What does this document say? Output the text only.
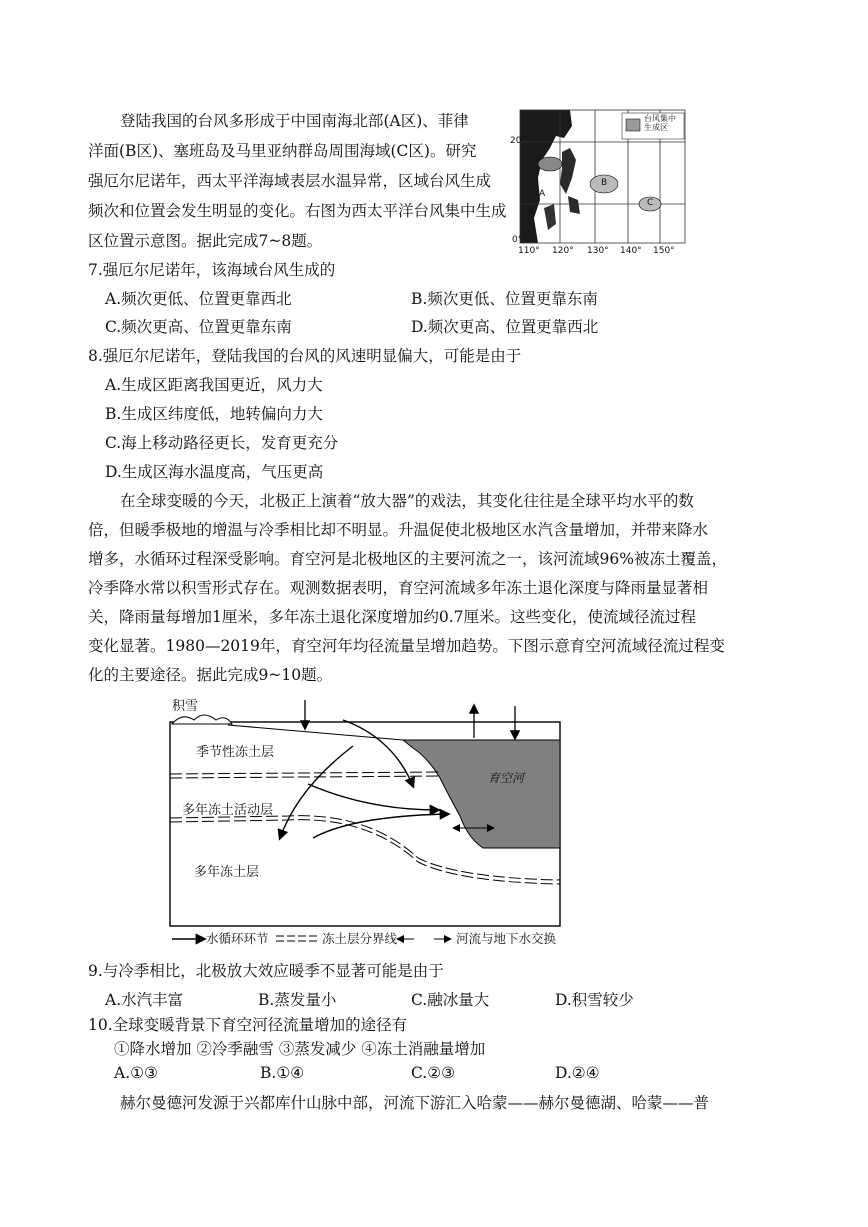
登陆我国的台风多形成于中国南海北部(A区)、菲律
洋面(B区)、塞班岛及马里亚纳群岛周围海域(C区)。研究
强厄尔尼诺年，西太平洋海域表层水温异常，区域台风生成
频次和位置会发生明显的变化。右图为西太平洋台风集中生成
区位置示意图。据此完成7~8题。
台风集中生成区
A
B
C
20°
0°
110° 120° 130° 140° 150°
7.强厄尔尼诺年，该海域台风生成的
A.频次更低、位置更靠西北	B.频次更低、位置更靠东南
C.频次更高、位置更靠东南	D.频次更高、位置更靠西北
8.强厄尔尼诺年，登陆我国的台风的风速明显偏大，可能是由于
A.生成区距离我国更近，风力大
B.生成区纬度低，地转偏向力大
C.海上移动路径更长，发育更充分
D.生成区海水温度高，气压更高
在全球变暖的今天，北极正上演着“放大器”的戏法，其变化往往是全球平均水平的数
倍，但暖季极地的增温与冷季相比却不明显。升温促使北极地区水汽含量增加，并带来降水
增多，水循环过程深受影响。育空河是北极地区的主要河流之一，该河流域96%被冻土覆盖，
冷季降水常以积雪形式存在。观测数据表明，育空河流域多年冻土退化深度与降雨量显著相
关，降雨量每增加1厘米，多年冻土退化深度增加约0.7厘米。这些变化，使流域径流过程
变化显著。1980—2019年，育空河年均径流量呈增加趋势。下图示意育空河流域径流过程变
化的主要途径。据此完成9~10题。
积雪
季节性冻土层
多年冻土活动层
多年冻土层
育空河
水循环环节	冻土层分界线	河流与地下水交换
9.与冷季相比，北极放大效应暖季不显著可能是由于
A.水汽丰富	B.蒸发量小	C.融冰量大	D.积雪较少
10.全球变暖背景下育空河径流量增加的途径有
①降水增加 ②冷季融雪 ③蒸发减少 ④冻土消融量增加
A.①③	B.①④	C.②③	D.②④
赫尔曼德河发源于兴都库什山脉中部，河流下游汇入哈蒙——赫尔曼德湖、哈蒙——普
